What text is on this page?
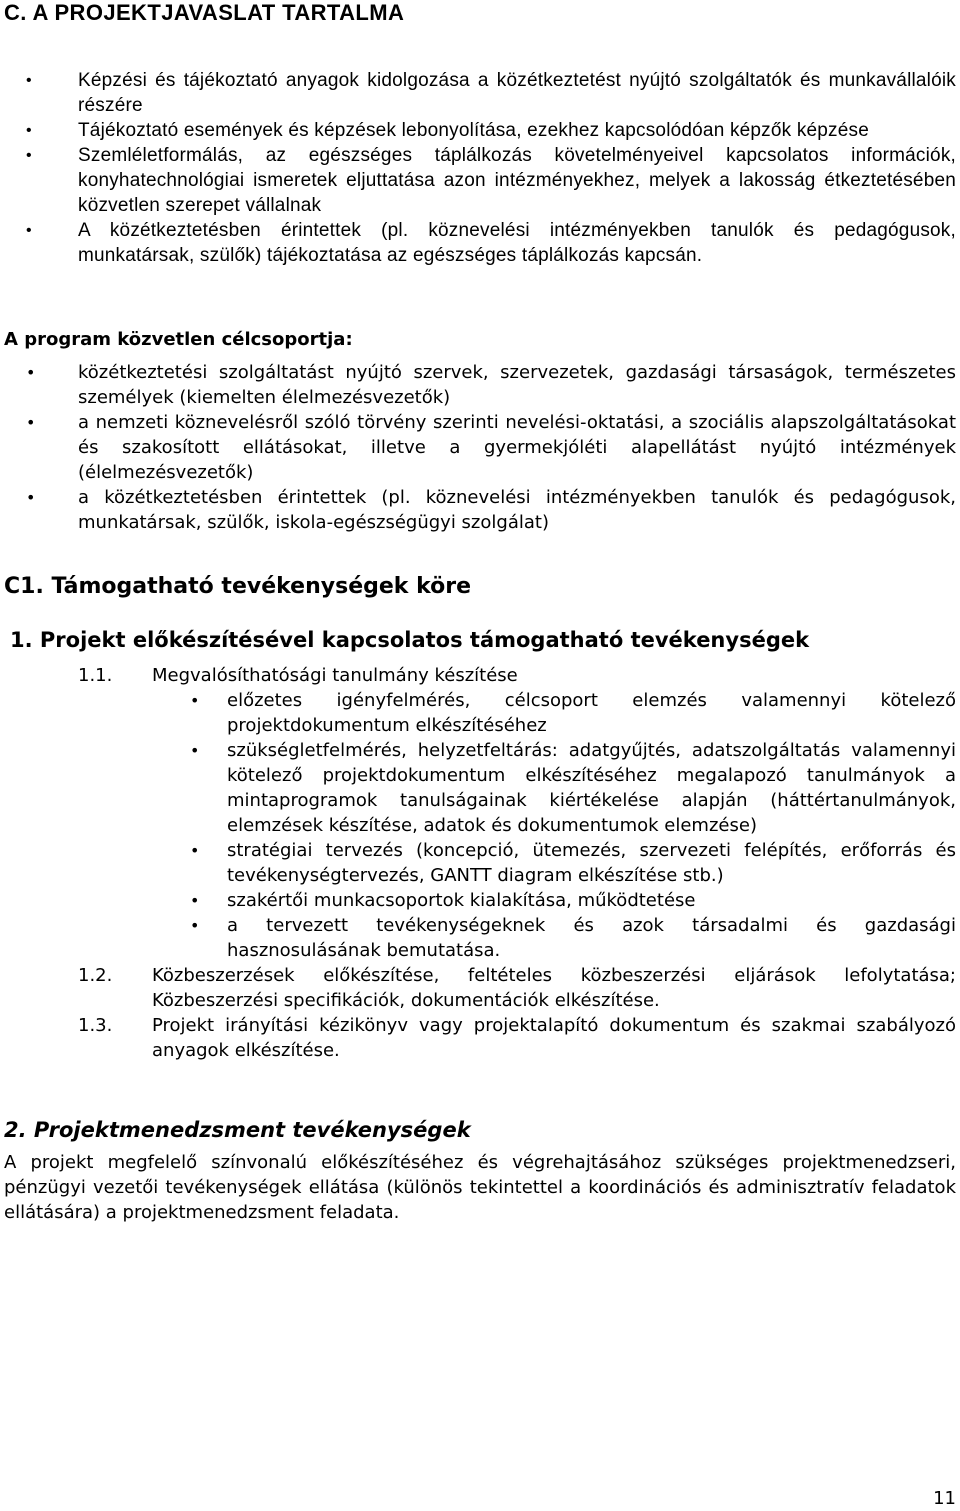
C. A PROJEKTJAVASLAT TARTALMA
• Képzési és tájékoztató anyagok kidolgozása a közétkeztetést nyújtó szolgáltatók és munkavállalóik részére
• Tájékoztató események és képzések lebonyolítása, ezekhez kapcsolódóan képzők képzése
• Szemléletformálás, az egészséges táplálkozás követelményeivel kapcsolatos információk, konyhatechnológiai ismeretek eljuttatása azon intézményekhez, melyek a lakosság étkeztetésében közvetlen szerepet vállalnak
• A közétkeztetésben érintettek (pl. köznevelési intézményekben tanulók és pedagógusok, munkatársak, szülők) tájékoztatása az egészséges táplálkozás kapcsán.

A program közvetlen célcsoportja:

• közétkeztetési szolgáltatást nyújtó szervek, szervezetek, gazdasági társaságok, természetes személyek (kiemelten élelmezésvezetők)
• a nemzeti köznevelésről szóló törvény szerinti nevelési-oktatási, a szociális alapszolgáltatásokat és szakosított ellátásokat, illetve a gyermekjóléti alapellátást nyújtó intézmények (élelmezésvezetők)
• a közétkeztetésben érintettek (pl. köznevelési intézményekben tanulók és pedagógusok, munkatársak, szülők, iskola-egészségügyi szolgálat)

C1. Támogatható tevékenységek köre

1. Projekt előkészítésével kapcsolatos támogatható tevékenységek

1.1. Megvalósíthatósági tanulmány készítése
• előzetes igényfelmérés, célcsoport elemzés valamennyi kötelező projektdokumentum elkészítéséhez
• szükségletfelmérés, helyzetfeltárás: adatgyűjtés, adatszolgáltatás valamennyi kötelező projektdokumentum elkészítéséhez megalapozó tanulmányok a mintaprogramok tanulságainak kiértékelése alapján (háttértanulmányok, elemzések készítése, adatok és dokumentumok elemzése)
• stratégiai tervezés (koncepció, ütemezés, szervezeti felépítés, erőforrás és tevékenységtervezés, GANTT diagram elkészítése stb.)
• szakértői munkacsoportok kialakítása, működtetése
• a tervezett tevékenységeknek és azok társadalmi és gazdasági hasznosulásának bemutatása.
1.2. Közbeszerzések előkészítése, feltételes közbeszerzési eljárások lefolytatása; Közbeszerzési specifikációk, dokumentációk elkészítése.
1.3. Projekt irányítási kézikönyv vagy projektalapító dokumentum és szakmai szabályozó anyagok elkészítése.

2. Projektmenedzsment tevékenységek

A projekt megfelelő színvonalú előkészítéséhez és végrehajtásához szükséges projektmenedzseri, pénzügyi vezetői tevékenységek ellátása (különös tekintettel a koordinációs és adminisztratív feladatok ellátására) a projektmenedzsment feladata.

11
